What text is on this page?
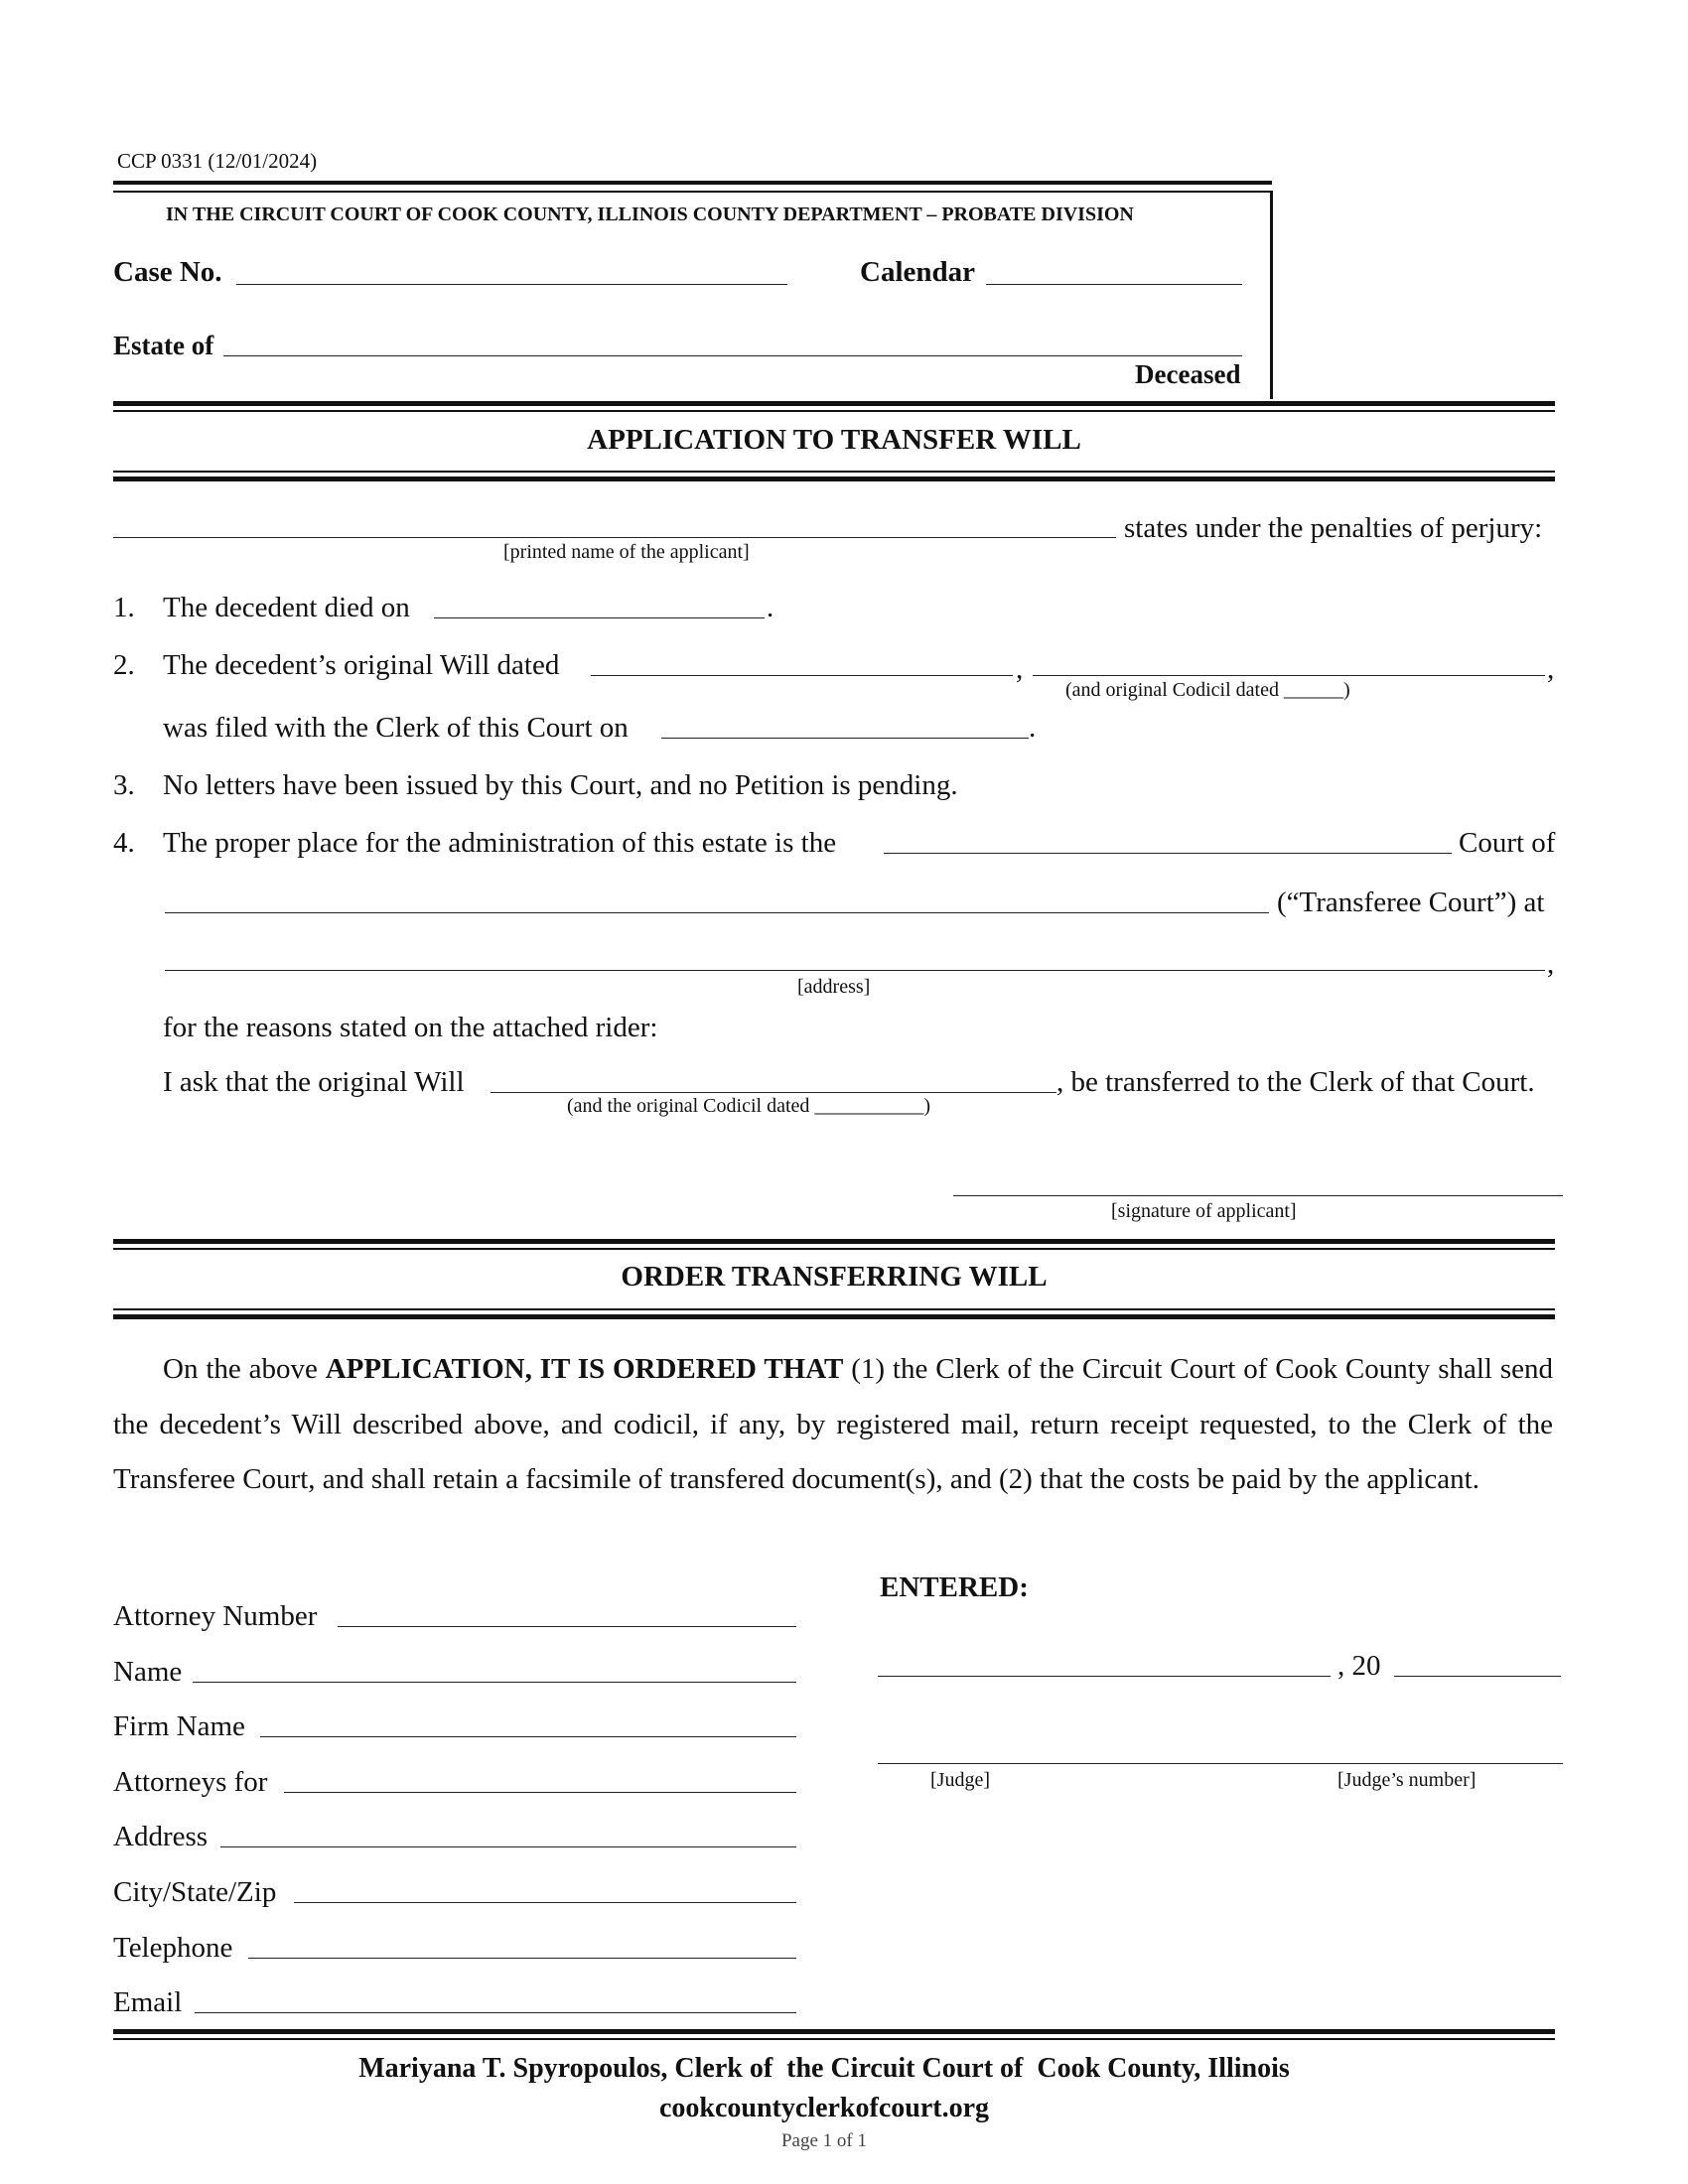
CCP 0331 (12/01/2024)
IN THE CIRCUIT COURT OF COOK COUNTY, ILLINOIS COUNTY DEPARTMENT – PROBATE DIVISION
Case No.	Calendar
Estate of
Deceased
APPLICATION TO TRANSFER WILL
states under the penalties of perjury:
[printed name of the applicant]
1. The decedent died on	.
2. The decedent’s original Will dated	,	,
(and original Codicil dated ______)
was filed with the Clerk of this Court on	.
3. No letters have been issued by this Court, and no Petition is pending.
4. The proper place for the administration of this estate is the	Court of
(“Transferee Court”) at
,
[address]
for the reasons stated on the attached rider:
I ask that the original Will	, be transferred to the Clerk of that Court.
(and the original Codicil dated ___________)
[signature of applicant]
ORDER TRANSFERRING WILL
On the above APPLICATION, IT IS ORDERED THAT (1) the Clerk of the Circuit Court of Cook County shall send the decedent’s Will described above, and codicil, if any, by registered mail, return receipt requested, to the Clerk of the Transferee Court, and shall retain a facsimile of transfered document(s), and (2) that the costs be paid by the applicant.
Attorney Number
Name
Firm Name
Attorneys for
Address
City/State/Zip
Telephone
Email
ENTERED:
, 20
[Judge]	[Judge’s number]
Mariyana T. Spyropoulos, Clerk of  the Circuit Court of  Cook County, Illinois
cookcountyclerkofcourt.org
Page 1 of 1
